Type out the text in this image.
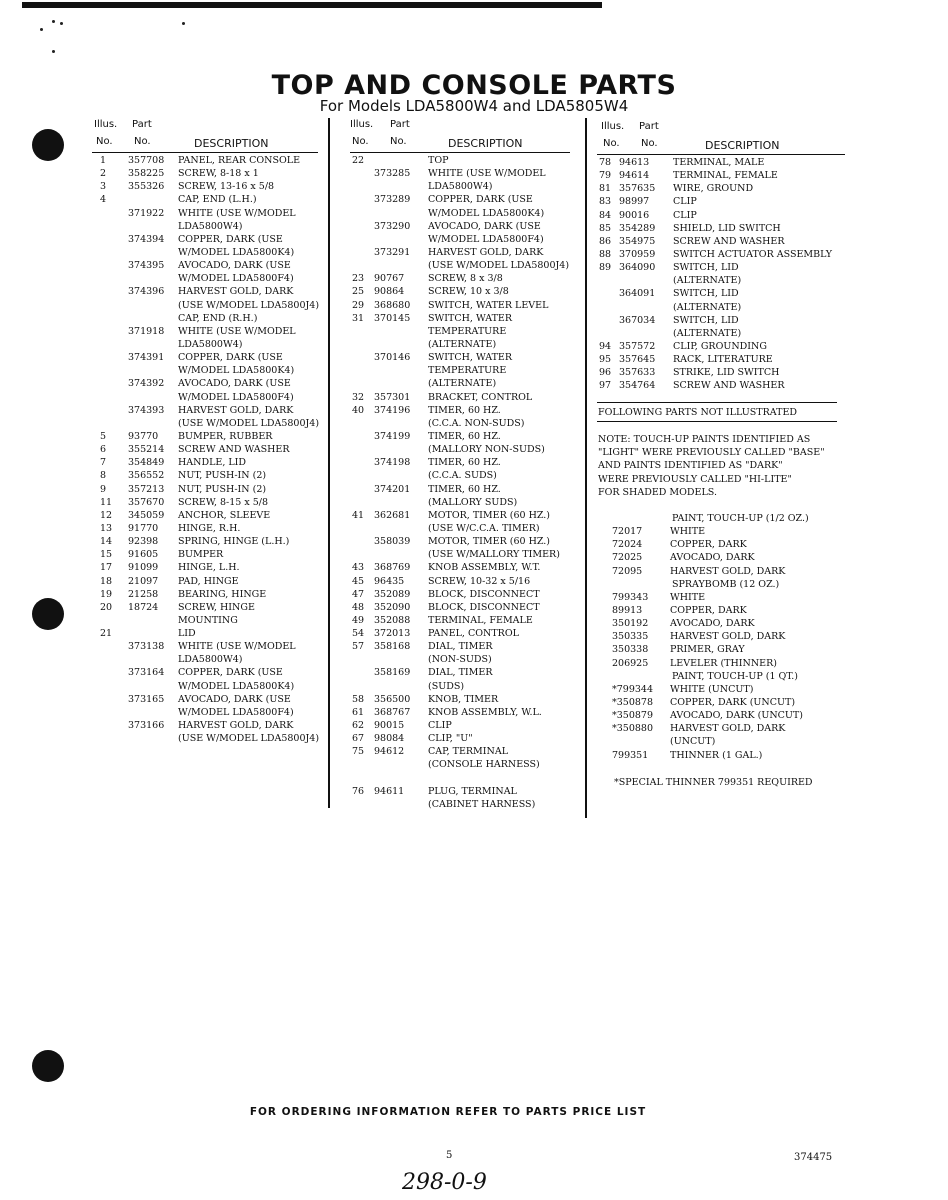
TOP AND CONSOLE PARTS
For Models LDA5800W4 and LDA5805W4
Illus. Part
No. No.	DESCRIPTION
1 357708 PANEL, REAR CONSOLE
2 358225 SCREW, 8-18 x 1
3 355326 SCREW, 13-16 x 5/8
4	CAP, END (L.H.)
371922 WHITE (USE W/MODEL
LDA5800W4)
374394 COPPER, DARK (USE
W/MODEL LDA5800K4)
374395 AVOCADO, DARK (USE
W/MODEL LDA5800F4)
374396 HARVEST GOLD, DARK
(USE W/MODEL LDA5800J4)
CAP, END (R.H.)
371918 WHITE (USE W/MODEL
LDA5800W4)
374391 COPPER, DARK (USE
W/MODEL LDA5800K4)
374392 AVOCADO, DARK (USE
W/MODEL LDA5800F4)
374393 HARVEST GOLD, DARK
(USE W/MODEL LDA5800J4)
5 93770 BUMPER, RUBBER
6 355214 SCREW AND WASHER
7 354849 HANDLE, LID
8 356552 NUT, PUSH-IN (2)
9 357213 NUT, PUSH-IN (2)
11 357670 SCREW, 8-15 x 5/8
12 345059 ANCHOR, SLEEVE
13 91770 HINGE, R.H.
14 92398 SPRING, HINGE (L.H.)
15 91605 BUMPER
17 91099 HINGE, L.H.
18 21097 PAD, HINGE
19 21258 BEARING, HINGE
20 18724 SCREW, HINGE
MOUNTING
21	LID
373138 WHITE (USE W/MODEL
LDA5800W4)
373164 COPPER, DARK (USE
W/MODEL LDA5800K4)
373165 AVOCADO, DARK (USE
W/MODEL LDA5800F4)
373166 HARVEST GOLD, DARK
(USE W/MODEL LDA5800J4)
Illus. Part
No. No.	DESCRIPTION
22	TOP
373285 WHITE (USE W/MODEL
LDA5800W4)
373289 COPPER, DARK (USE
W/MODEL LDA5800K4)
373290 AVOCADO, DARK (USE
W/MODEL LDA5800F4)
373291 HARVEST GOLD, DARK
(USE W/MODEL LDA5800J4)
23 90767	SCREW, 8 x 3/8
25 90864	SCREW, 10 x 3/8
29 368680 SWITCH, WATER LEVEL
31 370145 SWITCH, WATER
TEMPERATURE
(ALTERNATE)
370146 SWITCH, WATER
TEMPERATURE
(ALTERNATE)
32 357301 BRACKET, CONTROL
40 374196 TIMER, 60 HZ.
(C.C.A. NON-SUDS)
374199 TIMER, 60 HZ.
(MALLORY NON-SUDS)
374198 TIMER, 60 HZ.
(C.C.A. SUDS)
374201 TIMER, 60 HZ.
(MALLORY SUDS)
41 362681 MOTOR, TIMER (60 HZ.)
(USE W/C.C.A. TIMER)
358039 MOTOR, TIMER (60 HZ.)
(USE W/MALLORY TIMER)
43 368769 KNOB ASSEMBLY, W.T.
45 96435	SCREW, 10-32 x 5/16
47 352089 BLOCK, DISCONNECT
48 352090 BLOCK, DISCONNECT
49 352088 TERMINAL, FEMALE
54 372013 PANEL, CONTROL
57 358168 DIAL, TIMER
(NON-SUDS)
358169 DIAL, TIMER
(SUDS)
58 356500 KNOB, TIMER
61 368767 KNOB ASSEMBLY, W.L.
62 90015	CLIP
67 98084	CLIP, "U"
75 94612	CAP, TERMINAL
(CONSOLE HARNESS)
76 94611	PLUG, TERMINAL
(CABINET HARNESS)
Illus. Part
No. No.	DESCRIPTION
78 94613	TERMINAL, MALE
79 94614	TERMINAL, FEMALE
81 357635 WIRE, GROUND
83 98997	CLIP
84 90016	CLIP
85 354289 SHIELD, LID SWITCH
86 354975 SCREW AND WASHER
88 370959 SWITCH ACTUATOR ASSEMBLY
89 364090 SWITCH, LID
(ALTERNATE)
364091 SWITCH, LID
(ALTERNATE)
367034 SWITCH, LID
(ALTERNATE)
94 357572 CLIP, GROUNDING
95 357645 RACK, LITERATURE
96 357633 STRIKE, LID SWITCH
97 354764 SCREW AND WASHER
FOLLOWING PARTS NOT ILLUSTRATED
NOTE: TOUCH-UP PAINTS IDENTIFIED AS
"LIGHT" WERE PREVIOUSLY CALLED "BASE"
AND PAINTS IDENTIFIED AS "DARK"
WERE PREVIOUSLY CALLED "HI-LITE"
FOR SHADED MODELS.
PAINT, TOUCH-UP (1/2 OZ.)
72017	WHITE
72024	COPPER, DARK
72025	AVOCADO, DARK
72095	HARVEST GOLD, DARK
SPRAYBOMB (12 OZ.)
799343 WHITE
89913	COPPER, DARK
350192 AVOCADO, DARK
350335 HARVEST GOLD, DARK
350338 PRIMER, GRAY
206925 LEVELER (THINNER)
PAINT, TOUCH-UP (1 QT.)
*799344 WHITE (UNCUT)
*350878 COPPER, DARK (UNCUT)
*350879 AVOCADO, DARK (UNCUT)
*350880 HARVEST GOLD, DARK
(UNCUT)
799351 THINNER (1 GAL.)
*SPECIAL THINNER 799351 REQUIRED
FOR ORDERING INFORMATION REFER TO PARTS PRICE LIST
5	374475
298-0-9
